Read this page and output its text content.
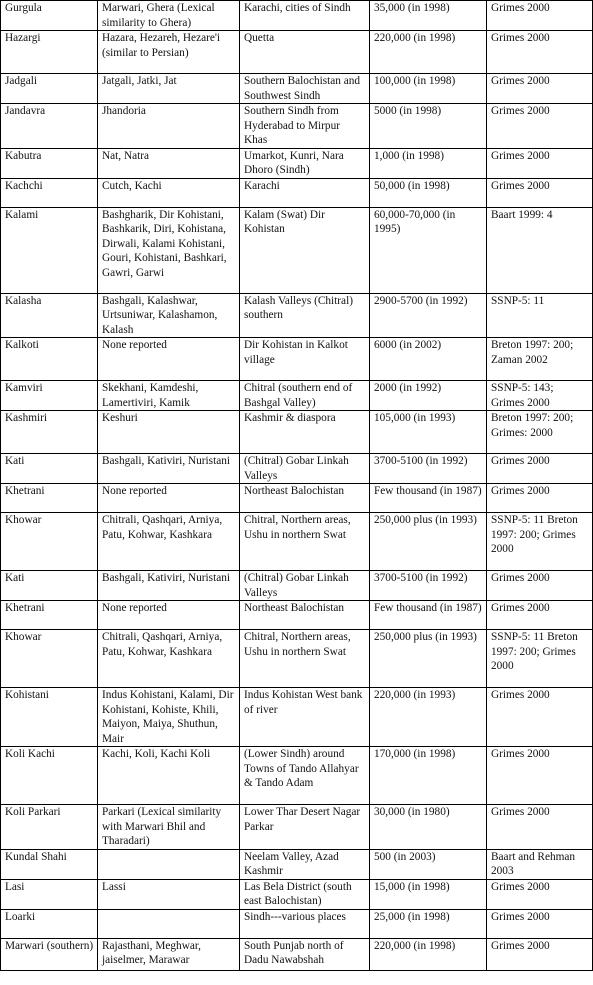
Gurgula	Marwari, Ghera (Lexical similarity to Ghera)	Karachi, cities of Sindh	35,000 (in 1998)	Grimes 2000
Hazargi	Hazara, Hezareh, Hezare'i (similar to Persian)	Quetta	220,000 (in 1998)	Grimes 2000
Jadgali	Jatgali, Jatki, Jat	Southern Balochistan and Southwest Sindh	100,000 (in 1998)	Grimes 2000
Jandavra	Jhandoria	Southern Sindh from Hyderabad to Mirpur Khas	5000 (in 1998)	Grimes 2000
Kabutra	Nat, Natra	Umarkot, Kunri, Nara Dhoro (Sindh)	1,000 (in 1998)	Grimes 2000
Kachchi	Cutch, Kachi	Karachi	50,000 (in 1998)	Grimes 2000
Kalami	Bashgharik, Dir Kohistani, Bashkarik, Diri, Kohistana, Dirwali, Kalami Kohistani, Gouri, Kohistani, Bashkari, Gawri, Garwi	Kalam (Swat) Dir Kohistan	60,000-70,000 (in 1995)	Baart 1999: 4
Kalasha	Bashgali, Kalashwar, Urtsuniwar, Kalashamon, Kalash	Kalash Valleys (Chitral) southern	2900-5700 (in 1992)	SSNP-5: 11
Kalkoti	None reported	Dir Kohistan in Kalkot village	6000 (in 2002)	Breton 1997: 200; Zaman 2002
Kamviri	Skekhani, Kamdeshi, Lamertiviri, Kamik	Chitral (southern end of Bashgal Valley)	2000 (in 1992)	SSNP-5: 143; Grimes 2000
Kashmiri	Keshuri	Kashmir & diaspora	105,000 (in 1993)	Breton 1997: 200; Grimes: 2000
Kati	Bashgali, Kativiri, Nuristani	(Chitral) Gobar Linkah Valleys	3700-5100 (in 1992)	Grimes 2000
Khetrani	None reported	Northeast Balochistan	Few thousand (in 1987)	Grimes 2000
Khowar	Chitrali, Qashqari, Arniya, Patu, Kohwar, Kashkara	Chitral, Northern areas, Ushu in northern Swat	250,000 plus (in 1993)	SSNP-5: 11 Breton 1997: 200; Grimes 2000
Kati	Bashgali, Kativiri, Nuristani	(Chitral) Gobar Linkah Valleys	3700-5100 (in 1992)	Grimes 2000
Khetrani	None reported	Northeast Balochistan	Few thousand (in 1987)	Grimes 2000
Khowar	Chitrali, Qashqari, Arniya, Patu, Kohwar, Kashkara	Chitral, Northern areas, Ushu in northern Swat	250,000 plus (in 1993)	SSNP-5: 11 Breton 1997: 200; Grimes 2000
Kohistani	Indus Kohistani, Kalami, Dir Kohistani, Kohiste, Khili, Maiyon, Maiya, Shuthun, Mair	Indus Kohistan West bank of river	220,000 (in 1993)	Grimes 2000
Koli Kachi	Kachi, Koli, Kachi Koli	(Lower Sindh) around Towns of Tando Allahyar & Tando Adam	170,000 (in 1998)	Grimes 2000
Koli Parkari	Parkari (Lexical similarity with Marwari Bhil and Tharadari)	Lower Thar Desert Nagar Parkar	30,000 (in 1980)	Grimes 2000
Kundal Shahi		Neelam Valley, Azad Kashmir	500 (in 2003)	Baart and Rehman 2003
Lasi	Lassi	Las Bela District (south east Balochistan)	15,000 (in 1998)	Grimes 2000
Loarki		Sindh---various places	25,000 (in 1998)	Grimes 2000
Marwari (southern)	Rajasthani, Meghwar, jaiselmer, Marawar	South Punjab north of Dadu Nawabshah	220,000 (in 1998)	Grimes 2000
